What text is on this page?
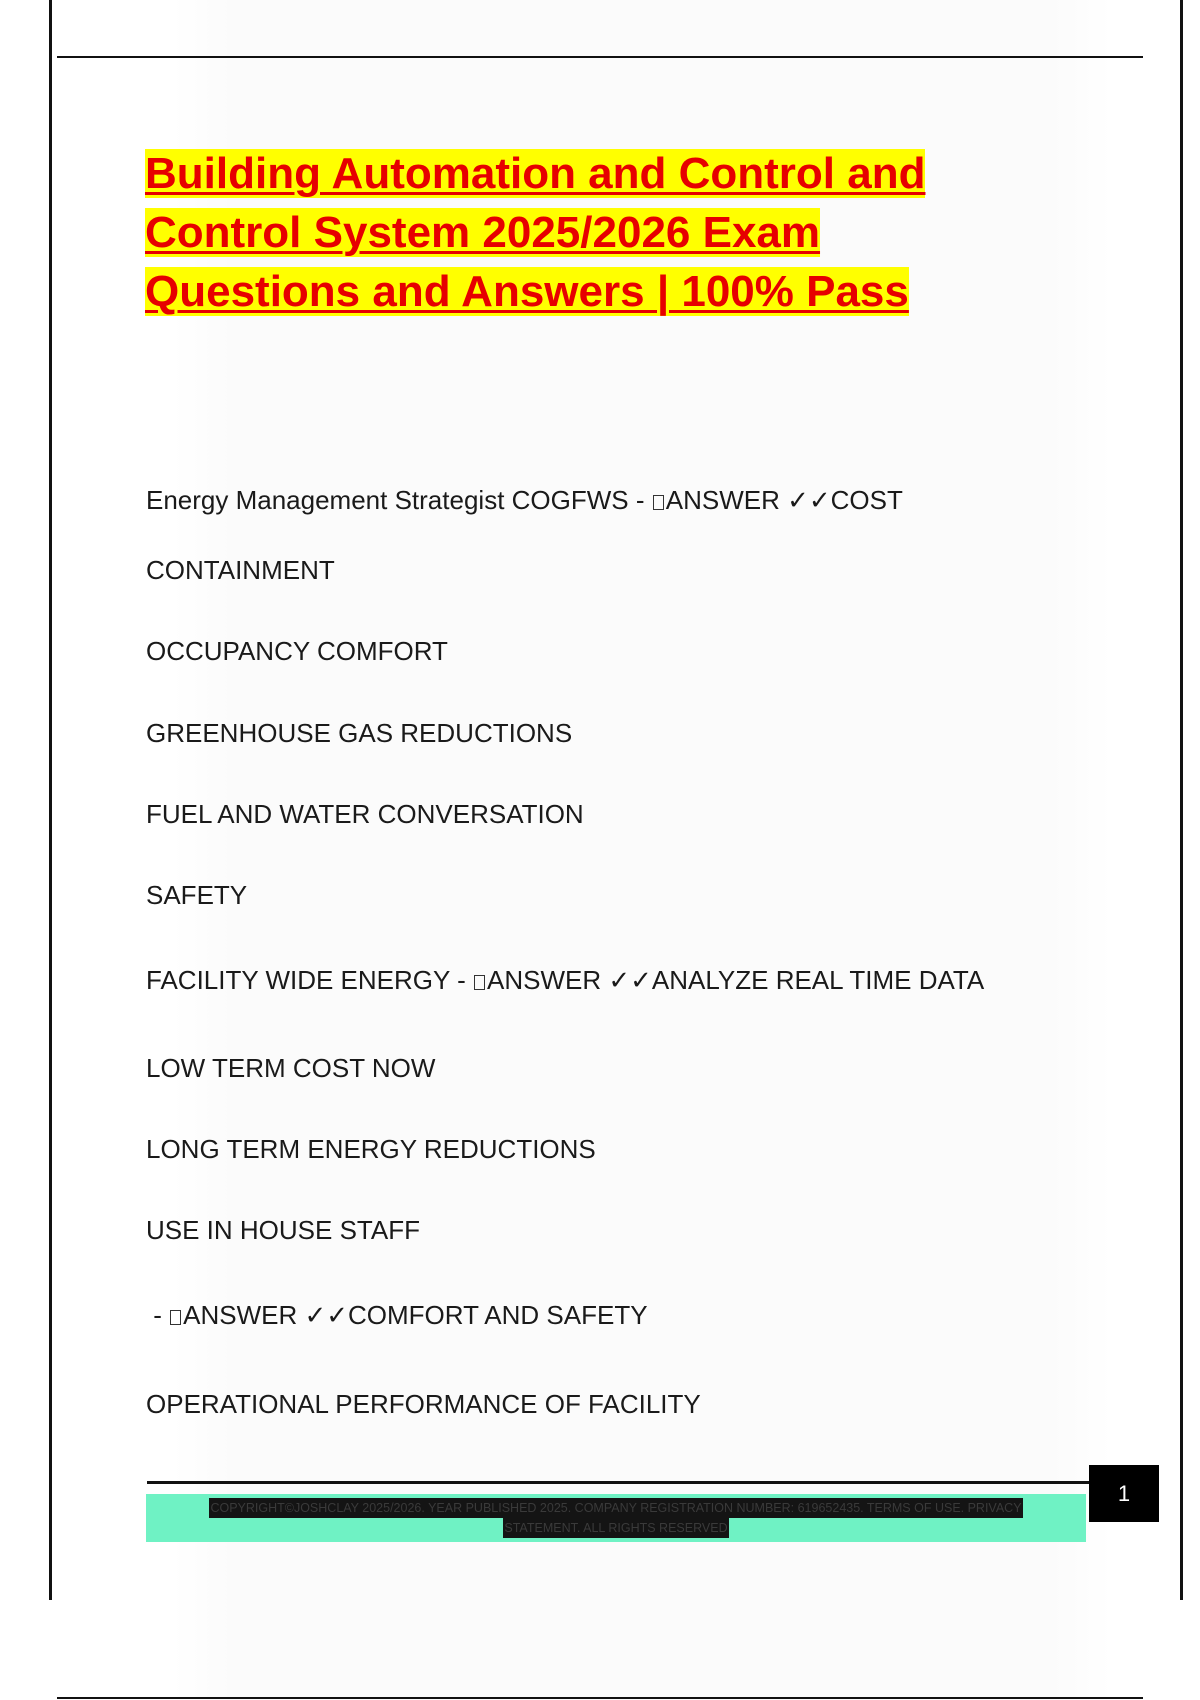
Building Automation and Control and
Control System 2025/2026 Exam
Questions and Answers | 100% Pass
Energy Management Strategist COGFWS - ANSWER ✓✓COST
CONTAINMENT
OCCUPANCY COMFORT
GREENHOUSE GAS REDUCTIONS
FUEL AND WATER CONVERSATION
SAFETY
FACILITY WIDE ENERGY - ANSWER ✓✓ANALYZE REAL TIME DATA
LOW TERM COST NOW
LONG TERM ENERGY REDUCTIONS
USE IN HOUSE STAFF
- ANSWER ✓✓COMFORT AND SAFETY
OPERATIONAL PERFORMANCE OF FACILITY
1
COPYRIGHT©JOSHCLAY 2025/2026. YEAR PUBLISHED 2025. COMPANY REGISTRATION NUMBER: 619652435. TERMS OF USE. PRIVACY
STATEMENT. ALL RIGHTS RESERVED
